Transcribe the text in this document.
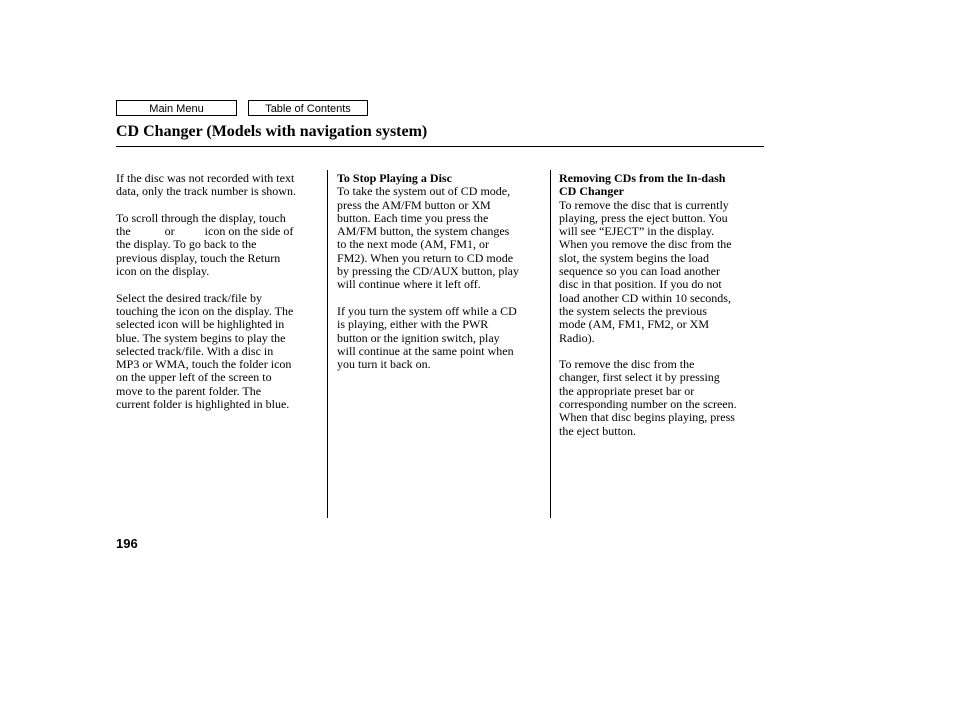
Main Menu	Table of Contents
CD Changer (Models with navigation system)

If the disc was not recorded with text
data, only the track number is shown.

To scroll through the display, touch
the	or	icon on the side of
the display. To go back to the
previous display, touch the Return
icon on the display.

Select the desired track/file by
touching the icon on the display. The
selected icon will be highlighted in
blue. The system begins to play the
selected track/file. With a disc in
MP3 or WMA, touch the folder icon
on the upper left of the screen to
move to the parent folder. The
current folder is highlighted in blue.

To Stop Playing a Disc
To take the system out of CD mode,
press the AM/FM button or XM
button. Each time you press the
AM/FM button, the system changes
to the next mode (AM, FM1, or
FM2). When you return to CD mode
by pressing the CD/AUX button, play
will continue where it left off.

If you turn the system off while a CD
is playing, either with the PWR
button or the ignition switch, play
will continue at the same point when
you turn it back on.

Removing CDs from the In-dash
CD Changer
To remove the disc that is currently
playing, press the eject button. You
will see “EJECT” in the display.
When you remove the disc from the
slot, the system begins the load
sequence so you can load another
disc in that position. If you do not
load another CD within 10 seconds,
the system selects the previous
mode (AM, FM1, FM2, or XM
Radio).

To remove the disc from the
changer, first select it by pressing
the appropriate preset bar or
corresponding number on the screen.
When that disc begins playing, press
the eject button.

196
